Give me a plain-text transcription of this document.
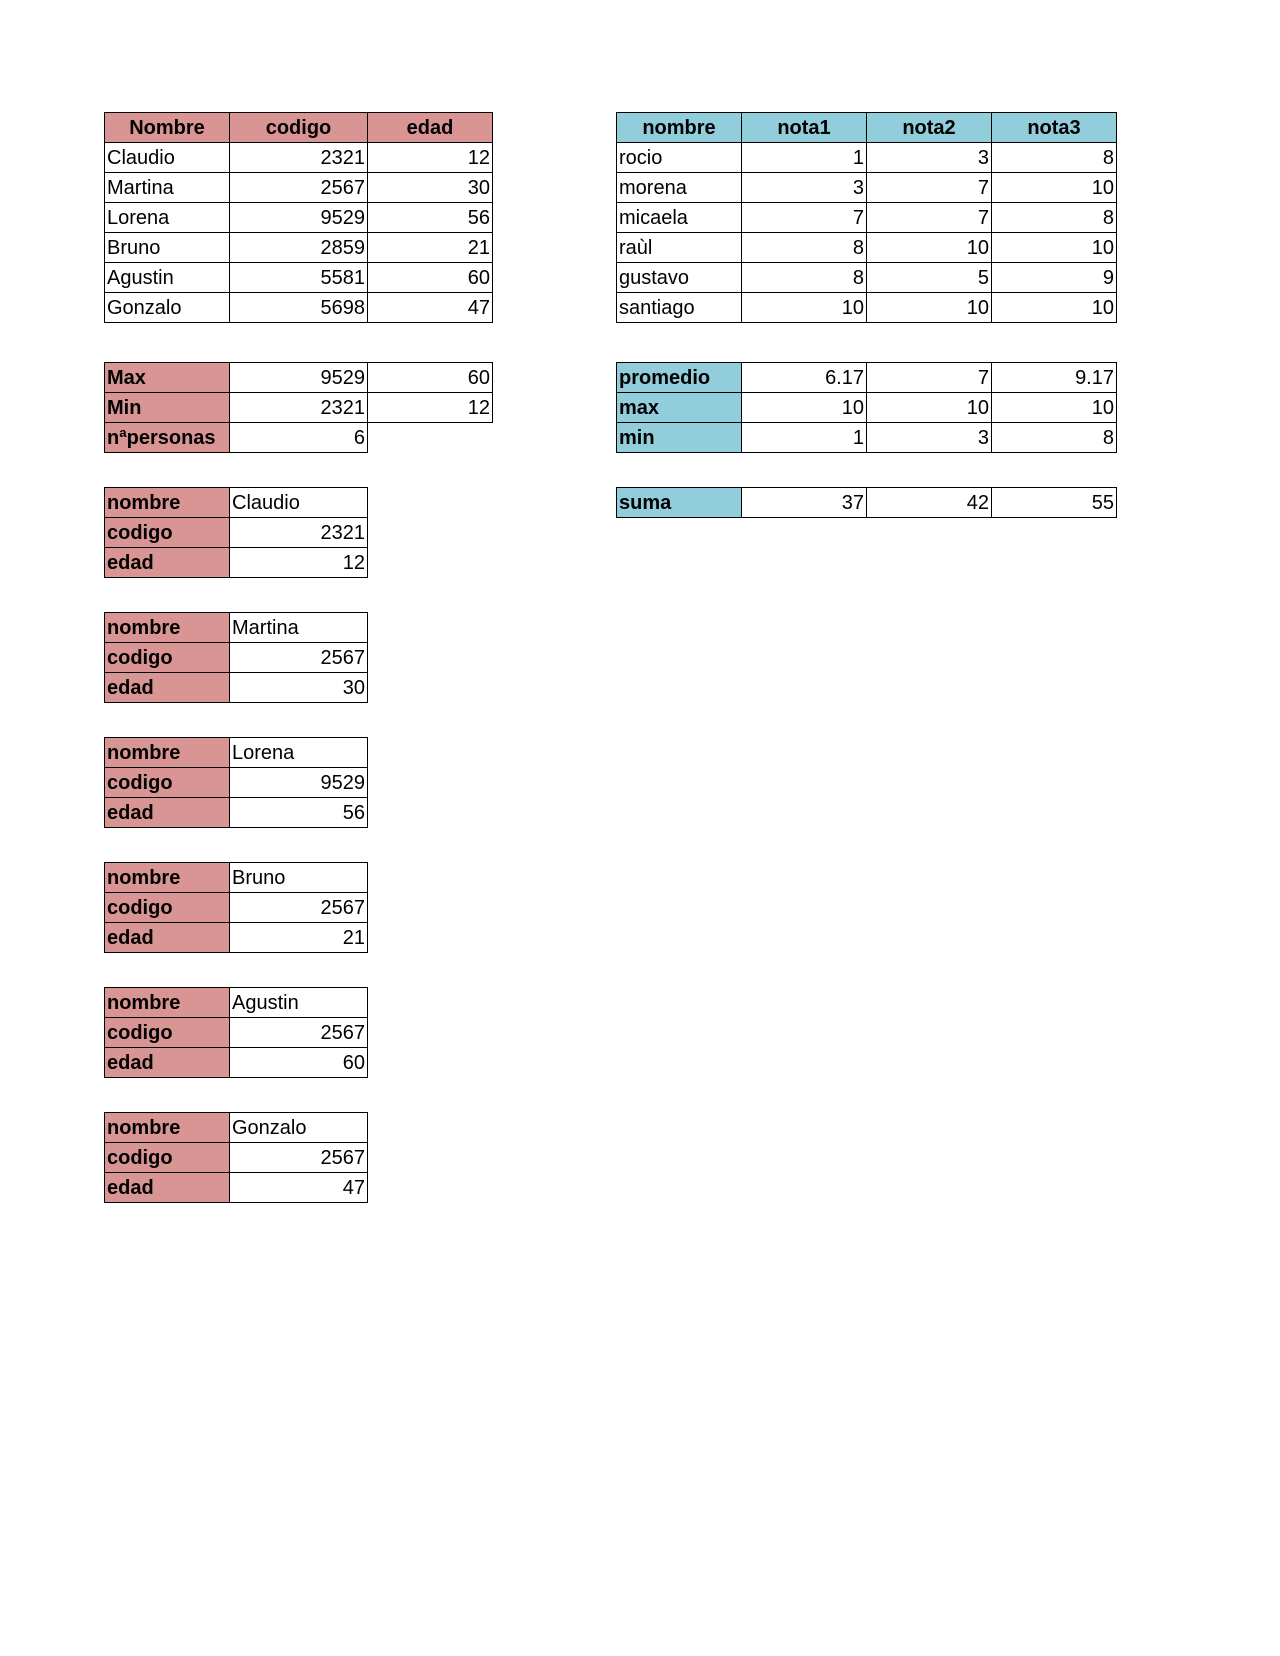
Nombre	codigo	edad
Claudio	2321	12
Martina	2567	30
Lorena	9529	56
Bruno	2859	21
Agustin	5581	60
Gonzalo	5698	47
Max	9529	60
Min	2321	12
nªpersonas	6	
nombre	Claudio
codigo	2321
edad	12
nombre	Martina
codigo	2567
edad	30
nombre	Lorena
codigo	9529
edad	56
nombre	Bruno
codigo	2567
edad	21
nombre	Agustin
codigo	2567
edad	60
nombre	Gonzalo
codigo	2567
edad	47
nombre	nota1	nota2	nota3
rocio	1	3	8
morena	3	7	10
micaela	7	7	8
raùl	8	10	10
gustavo	8	5	9
santiago	10	10	10
promedio	6.17	7	9.17
max	10	10	10
min	1	3	8
suma	37	42	55
